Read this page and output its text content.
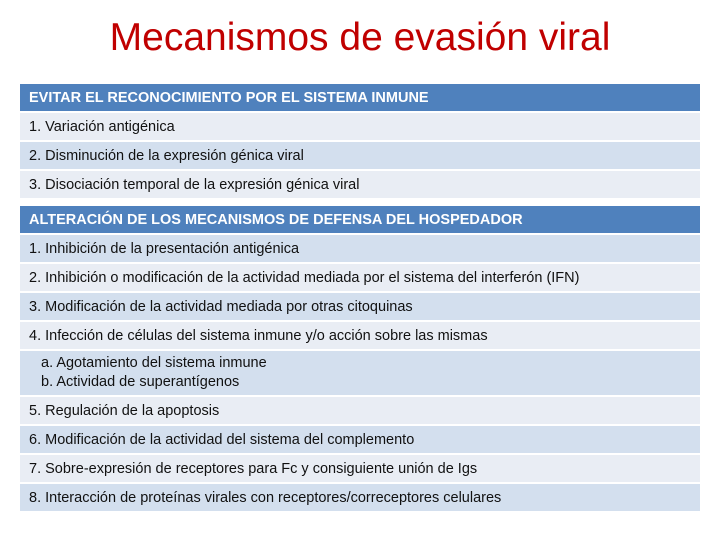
Mecanismos de evasión viral
EVITAR EL RECONOCIMIENTO POR EL SISTEMA INMUNE
1. Variación antigénica
2. Disminución de la expresión génica viral
3. Disociación temporal de la expresión génica viral
ALTERACIÓN DE LOS MECANISMOS DE DEFENSA DEL HOSPEDADOR
1. Inhibición de la presentación antigénica
2. Inhibición o modificación de la actividad mediada por el sistema del interferón (IFN)
3. Modificación de la actividad mediada por otras citoquinas
4. Infección de células del sistema inmune y/o acción sobre las mismas
a. Agotamiento del sistema inmune
b. Actividad de superantígenos
5. Regulación de la apoptosis
6. Modificación de la actividad del sistema del complemento
7. Sobre-expresión de receptores para Fc y consiguiente unión de Igs
8. Interacción de proteínas virales con receptores/correceptores celulares
